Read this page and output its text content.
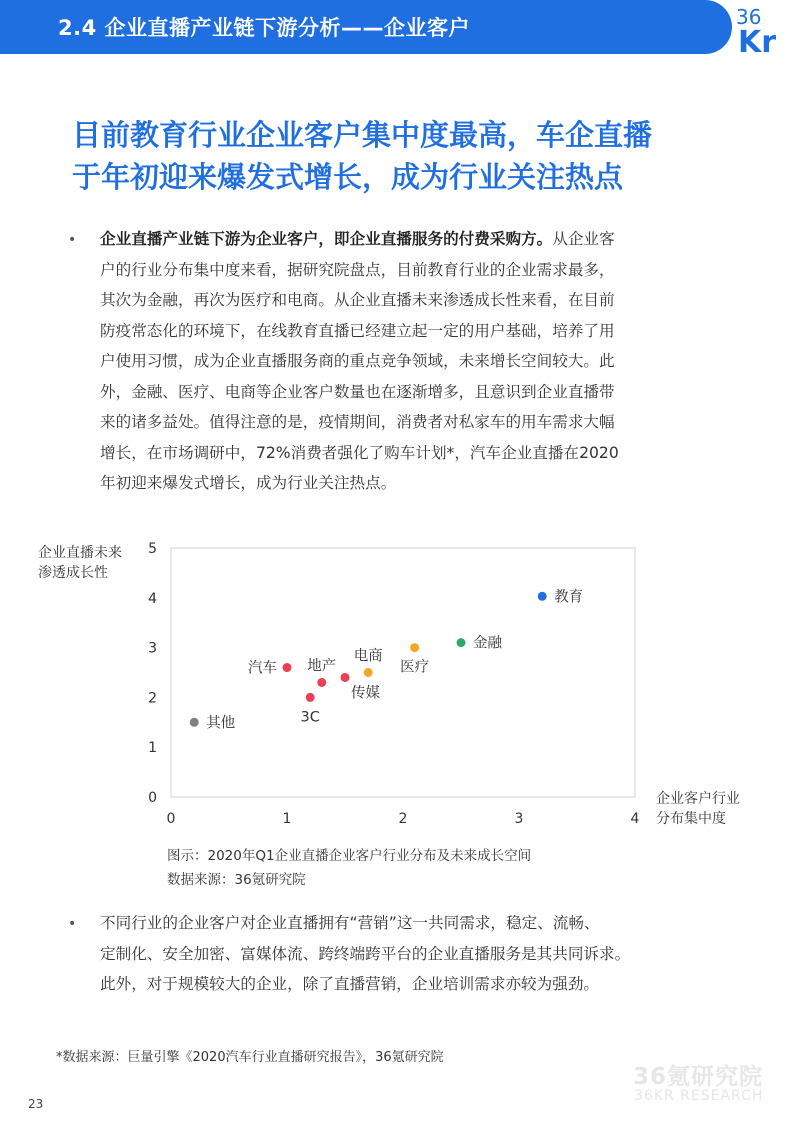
2.4 企业直播产业链下游分析——企业客户	36
Kr
目前教育行业企业客户集中度最高，车企直播
于年初迎来爆发式增长，成为行业关注热点
• 企业直播产业链下游为企业客户，即企业直播服务的付费采购方。从企业客
户的行业分布集中度来看，据研究院盘点，目前教育行业的企业需求最多，
其次为金融，再次为医疗和电商。从企业直播未来渗透成长性来看，在目前
防疫常态化的环境下，在线教育直播已经建立起一定的用户基础，培养了用
户使用习惯，成为企业直播服务商的重点竞争领域，未来增长空间较大。此
外，金融、医疗、电商等企业客户数量也在逐渐增多，且意识到企业直播带
来的诸多益处。值得注意的是，疫情期间，消费者对私家车的用车需求大幅
增长，在市场调研中，72%消费者强化了购车计划*，汽车企业直播在2020
年初迎来爆发式增长，成为行业关注热点。
企业直播未来
渗透成长性
企业客户行业
分布集中度
0
1
2
3
4
5
0	1	2	3	4
教育
金融
医疗
电商
传媒
地产
汽车
3C
其他

图示：2020年Q1企业直播企业客户行业分布及未来成长空间

数据来源：36氪研究院

• 不同行业的企业客户对企业直播拥有“营销”这一共同需求，稳定、流畅、
定制化、安全加密、富媒体流、跨终端跨平台的企业直播服务是其共同诉求。
此外，对于规模较大的企业，除了直播营销，企业培训需求亦较为强劲。

*数据来源：巨量引擎《2020汽车行业直播研究报告》，36氪研究院

36氪研究院
36KR RESEARCH
23
